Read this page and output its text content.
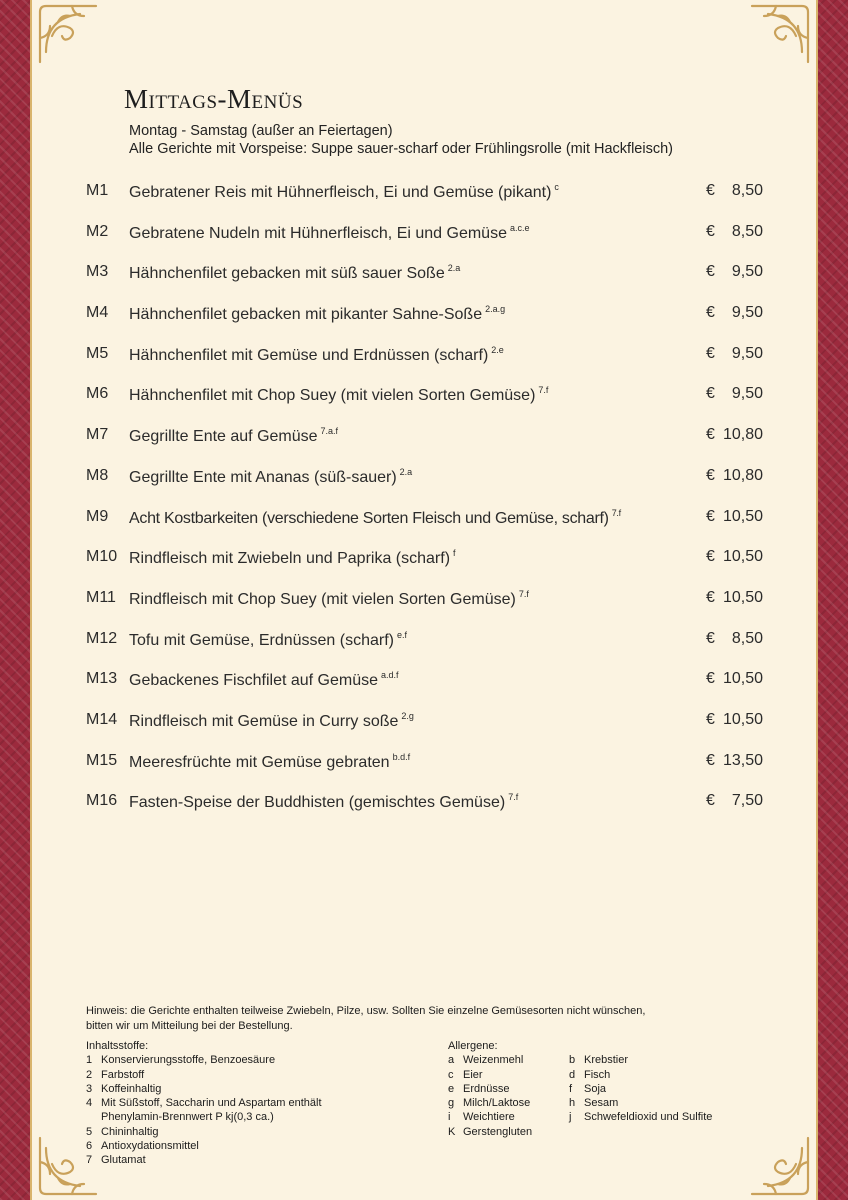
Mittags-Menüs
Montag - Samstag (außer an Feiertagen)
Alle Gerichte mit Vorspeise: Suppe sauer-scharf oder Frühlingsrolle (mit Hackfleisch)
M1 Gebratener Reis mit Hühnerfleisch, Ei und Gemüse (pikant) $^c$	€	8,50
M2 Gebratene Nudeln mit Hühnerfleisch, Ei und Gemüse $^{a.c.e}$	€	8,50
M3 Hähnchenfilet gebacken mit süß sauer Soße $^{2.a}$	€	9,50
M4 Hähnchenfilet gebacken mit pikanter Sahne-Soße $^{2.a.g}$	€	9,50
M5 Hähnchenfilet mit Gemüse und Erdnüssen (scharf) $^{2.e}$	€	9,50
M6 Hähnchenfilet mit Chop Suey (mit vielen Sorten Gemüse) $^{7.f}$	€	9,50
M7 Gegrillte Ente auf Gemüse $^{7.a.f}$	€ 10,80
M8 Gegrillte Ente mit Ananas (süß-sauer) $^{2.a}$	€ 10,80
M9 Acht Kostbarkeiten (verschiedene Sorten Fleisch und Gemüse, scharf) $^{7.f}$	€ 10,50
M10 Rindfleisch mit Zwiebeln und Paprika (scharf) $^f$	€ 10,50
M11 Rindfleisch mit Chop Suey (mit vielen Sorten Gemüse) $^{7.f}$	€ 10,50
M12 Tofu mit Gemüse, Erdnüssen (scharf) $^{e.f}$	€	8,50
M13 Gebackenes Fischfilet auf Gemüse $^{a.d.f}$	€ 10,50
M14 Rindfleisch mit Gemüse in Curry soße $^{2.g}$	€ 10,50
M15 Meeresfrüchte mit Gemüse gebraten $^{b.d.f}$	€ 13,50
M16 Fasten-Speise der Buddhisten (gemischtes Gemüse) $^{7.f}$	€	7,50
Hinweis: die Gerichte enthalten teilweise Zwiebeln, Pilze, usw. Sollten Sie einzelne Gemüsesorten nicht wünschen,
bitten wir um Mitteilung bei der Bestellung.
Inhaltsstoffe:
1 Konservierungsstoffe, Benzoesäure
2 Farbstoff
3 Koffeinhaltig
4 Mit Süßstoff, Saccharin und Aspartam enthält Phenylamin-Brennwert P kj(0,3 ca.)
5 Chininhaltig
6 Antioxydationsmittel
7 Glutamat
Allergene:
a Weizenmehl
c Eier
e Erdnüsse
g Milch/Laktose
i Weichtiere
K Gerstengluten

b Krebstier
d Fisch
f Soja
h Sesam
j Schwefeldioxid und Sulfite
